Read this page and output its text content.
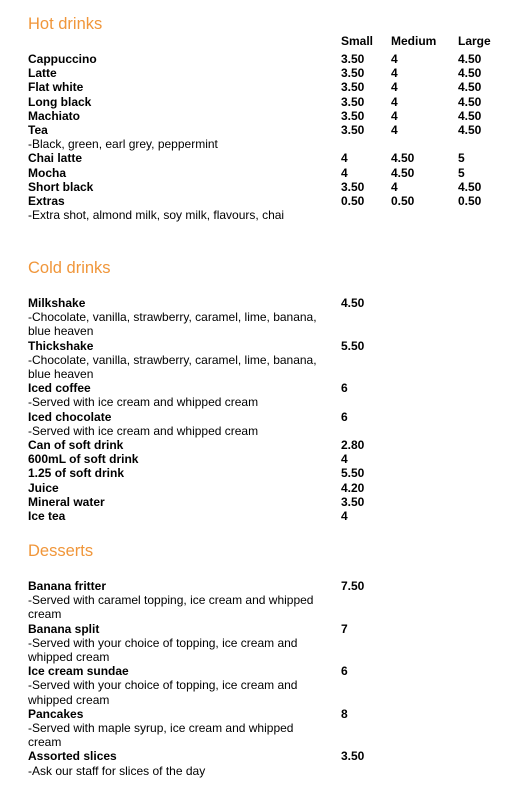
Hot drinks
Small Medium Large
Cappuccino	3.50 4	4.50
Latte	3.50 4	4.50
Flat white	3.50 4	4.50
Long black	3.50 4	4.50
Machiato	3.50 4	4.50
Tea	3.50 4	4.50
-Black, green, earl grey, peppermint
Chai latte	4	4.50	5
Mocha	4	4.50	5
Short black	3.50 4	4.50
Extras	0.50 0.50	0.50
-Extra shot, almond milk, soy milk, flavours, chai
Cold drinks
Milkshake	4.50
-Chocolate, vanilla, strawberry, caramel, lime, banana,
blue heaven
Thickshake	5.50
-Chocolate, vanilla, strawberry, caramel, lime, banana,
blue heaven
Iced coffee	6
-Served with ice cream and whipped cream
Iced chocolate	6
-Served with ice cream and whipped cream
Can of soft drink	2.80
600mL of soft drink	4
1.25 of soft drink	5.50
Juice	4.20
Mineral water	3.50
Ice tea	4
Desserts
Banana fritter	7.50
-Served with caramel topping, ice cream and whipped
cream
Banana split	7
-Served with your choice of topping, ice cream and
whipped cream
Ice cream sundae	6
-Served with your choice of topping, ice cream and
whipped cream
Pancakes	8
-Served with maple syrup, ice cream and whipped
cream
Assorted slices	3.50
-Ask our staff for slices of the day
